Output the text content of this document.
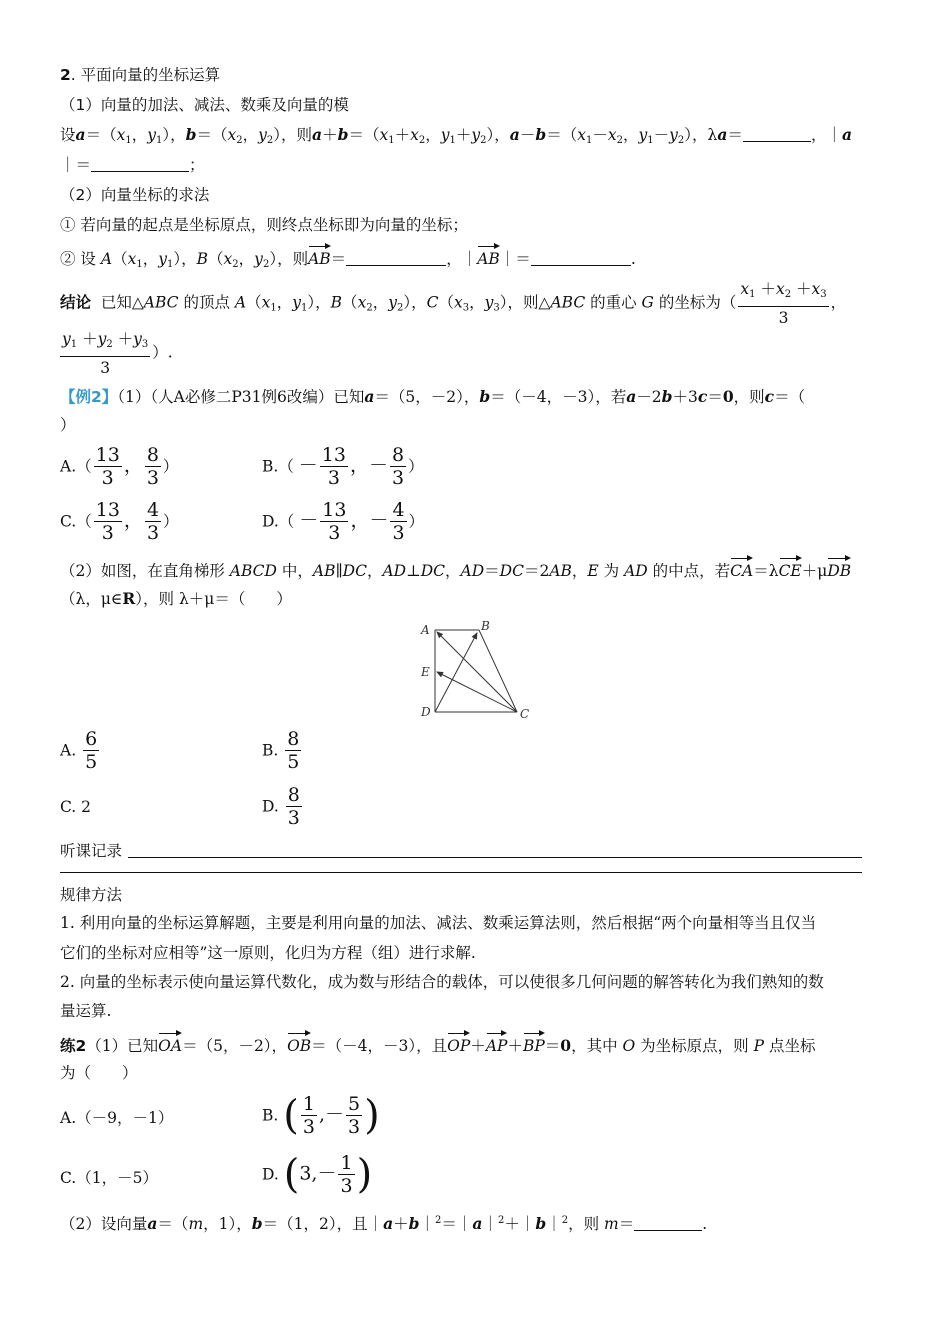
2. 平面向量的坐标运算
（1）向量的加法、减法、数乘及向量的模
设$a=(x_1$，$y_1$），$b=(x_2$，$y_2$），则$a+b=(x_1+x_2$，$y_1+y_2$），$a-b=(x_1-x_2$，$y_1-y_2$），λa＝	，｜a
｜＝	；
（2）向量坐标的求法
① 若向量的起点是坐标原点，则终点坐标即为向量的坐标；
② 设 $A(x_1$，$y_1$），$B(x_2$，$y_2$），则AB＝	，｜AB｜＝	.
结论  已知△ABC 的顶点 $A(x_1$，$y_1$），$B(x_2$，$y_2$），$C(x_3$，$y_3$），则△ABC 的重心 G 的坐标为（ $\frac{x_1 +x_2 +x_3}{3}$ ，
$\frac{y_1 +y_2 +y_3}{3}$ ）.
【例2】（1）（人A必修二P31例6改编）已知a＝（5，－2），b＝（－4，－3），若a－2b＋3c＝0，则c＝（
）
$A.( \frac{13}{3}$ ， $\frac{8}{3}$ ）	$B.( - \frac{13}{3}$ ，－ $\frac{8}{3}$ ）
$C.( \frac{13}{3}$ ， $\frac{4}{3}$ ）	$D.( - \frac{13}{3}$ ，－ $\frac{4}{3}$ ）
（2）如图，在直角梯形 ABCD 中，AB∥DC，AD⊥DC，AD＝DC＝2AB，E 为 AD 的中点，若CA＝λCE＋μDB
（λ，μ∈R），则 λ＋μ＝（　　）
A	B
E
D	C
A. $\frac{6}{5}$	B. $\frac{8}{5}$
C. 2	D. $\frac{8}{3}$
听课记录
规律方法
1. 利用向量的坐标运算解题，主要是利用向量的加法、减法、数乘运算法则，然后根据“两个向量相等当且仅当
它们的坐标对应相等”这一原则，化归为方程（组）进行求解.
2. 向量的坐标表示使向量运算代数化，成为数与形结合的载体，可以使很多几何问题的解答转化为我们熟知的数
量运算.
练2（1）已知OA＝（5，－2），OB＝（－4，－3），且OP＋AP＋BP＝0，其中 O 为坐标原点，则 P 点坐标
为（　　）
A.（－9，－1）	B. ( $\frac{1}{3}$ ,－ $\frac{5}{3}$ )
C.（1，－5）	D. ($3,- \frac{1}{3}$ )
（2）设向量a＝（m，1），b＝（1，2），且｜a＋b｜$^2$＝｜a｜$^2$＋｜b｜$^2$，则 m＝	.
